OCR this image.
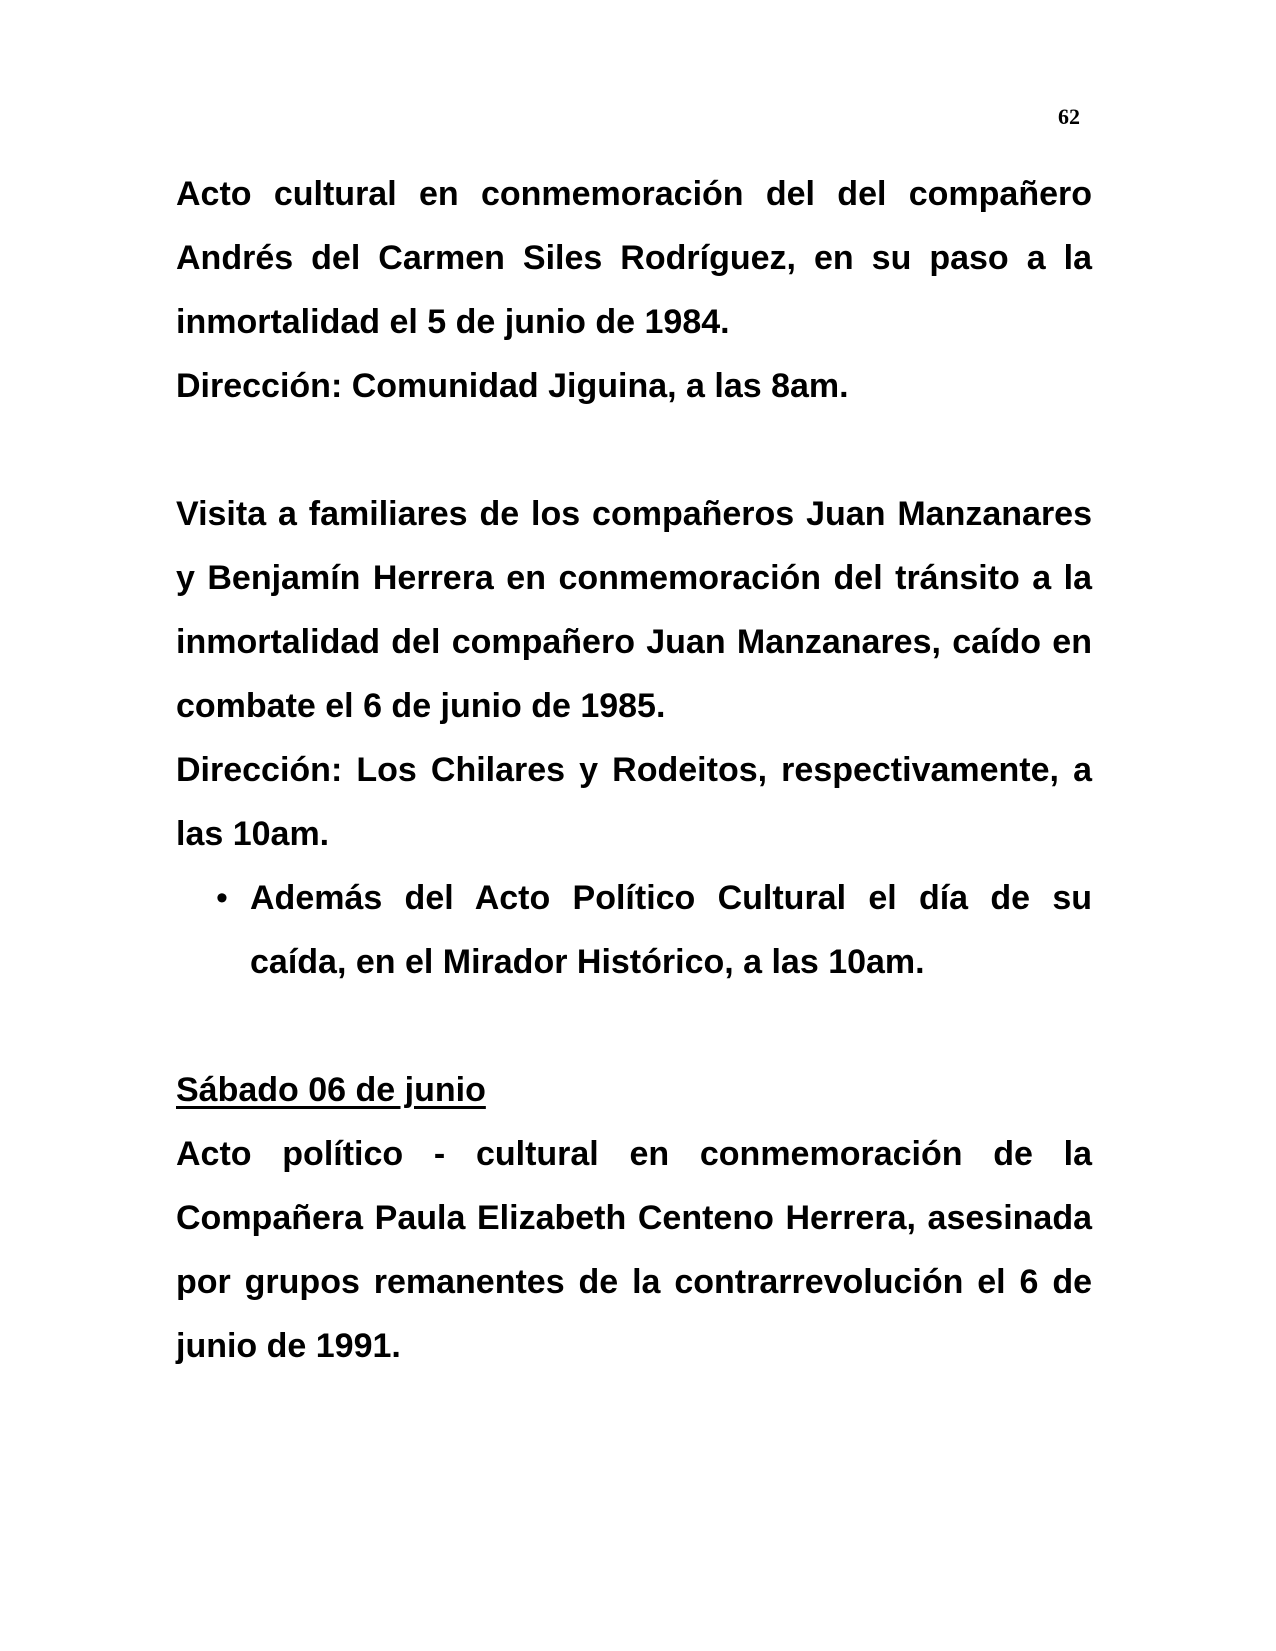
62

Acto cultural en conmemoración del del compañero Andrés del Carmen Siles Rodríguez, en su paso a la inmortalidad el 5 de junio de 1984.

Dirección: Comunidad Jiguina, a las 8am.

Visita a familiares de los compañeros Juan Manzanares y Benjamín Herrera en conmemoración del tránsito a la inmortalidad del compañero Juan Manzanares, caído en combate el 6 de junio de 1985.

Dirección: Los Chilares y Rodeitos, respectivamente, a las 10am.

• Además del Acto Político Cultural el día de su caída, en el Mirador Histórico, a las 10am.

Sábado 06 de junio

Acto político - cultural en conmemoración de la Compañera Paula Elizabeth Centeno Herrera, asesinada por grupos remanentes de la contrarrevolución el 6 de junio de 1991.
